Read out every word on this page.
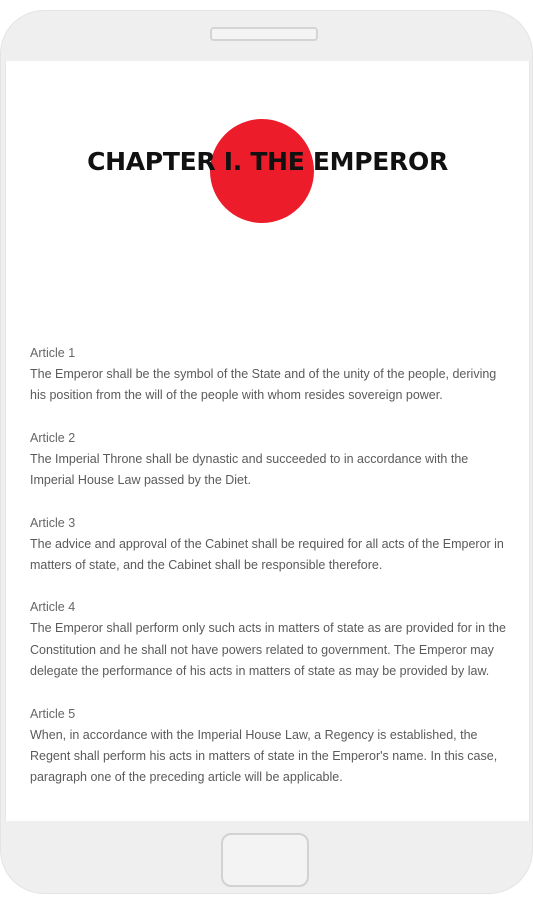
CHAPTER I. THE EMPEROR

Article 1

The Emperor shall be the symbol of the State and of the unity of the people, deriving his position from the will of the people with whom resides sovereign power.

Article 2

The Imperial Throne shall be dynastic and succeeded to in accordance with the Imperial House Law passed by the Diet.

Article 3

The advice and approval of the Cabinet shall be required for all acts of the Emperor in matters of state, and the Cabinet shall be responsible therefore.

Article 4

The Emperor shall perform only such acts in matters of state as are provided for in the Constitution and he shall not have powers related to government. The Emperor may delegate the performance of his acts in matters of state as may be provided by law.

Article 5

When, in accordance with the Imperial House Law, a Regency is established, the Regent shall perform his acts in matters of state in the Emperor's name. In this case, paragraph one of the preceding article will be applicable.
